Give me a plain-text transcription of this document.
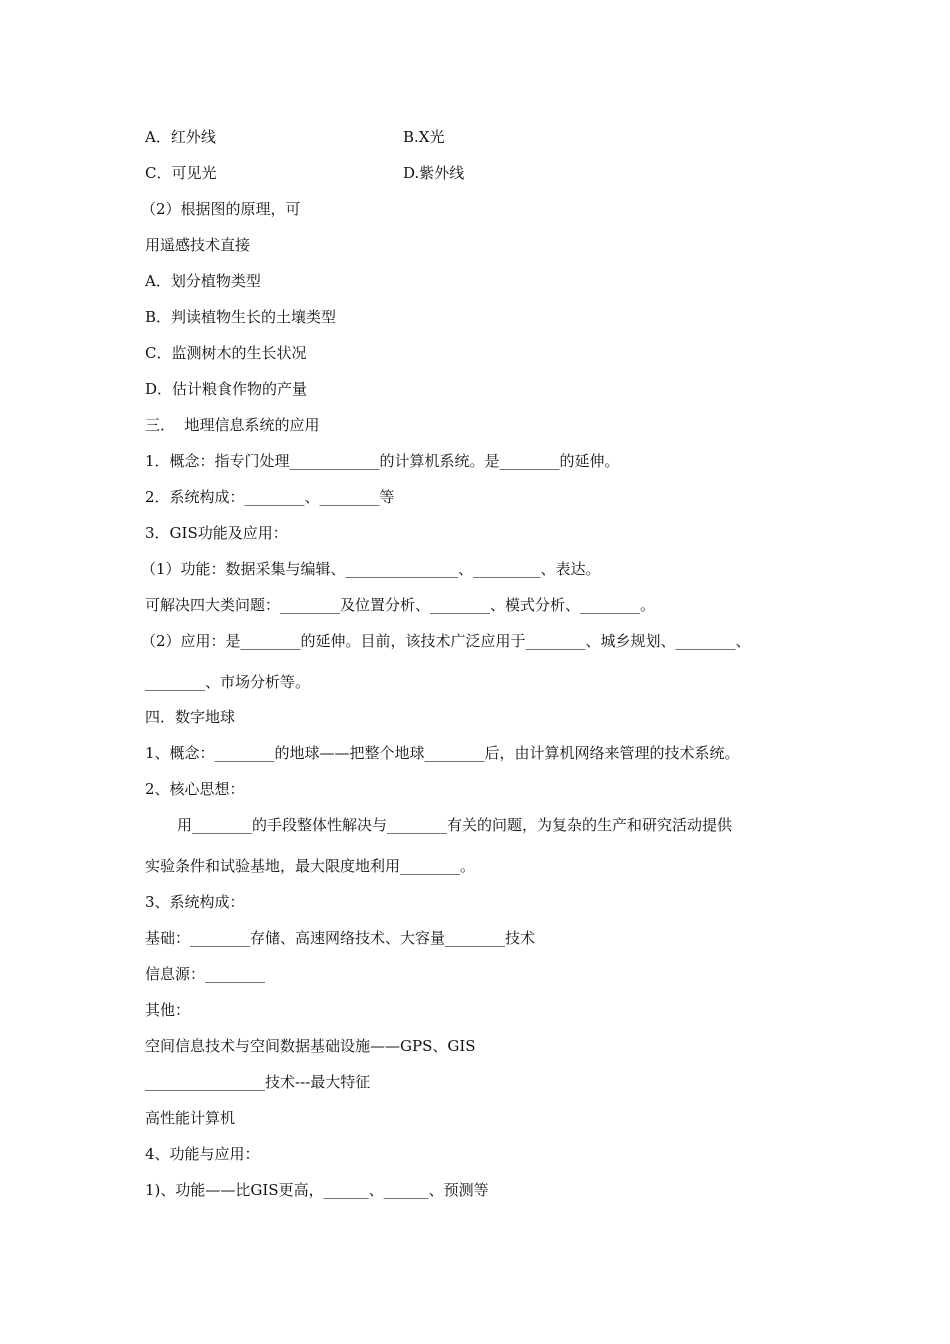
A．红外线	B.X光
C．可见光	D.紫外线
（2）根据图的原理，可
用遥感技术直接
A．划分植物类型
B．判读植物生长的土壤类型
C．监测树木的生长状况
D．估计粮食作物的产量
三．  地理信息系统的应用
1．概念：指专门处理____________的计算机系统。是________的延伸。
2．系统构成：________、________等
3．GIS功能及应用：
（1）功能：数据采集与编辑、_______________、_________、表达。
可解决四大类问题：________及位置分析、________、模式分析、________。
（2）应用：是________的延伸。目前，该技术广泛应用于________、城乡规划、________、
________、市场分析等。
四．数字地球
1、概念：________的地球——把整个地球________后，由计算机网络来管理的技术系统。
2、核心思想：
用________的手段整体性解决与________有关的问题，为复杂的生产和研究活动提供
实验条件和试验基地，最大限度地利用________。
3、系统构成：
基础：________存储、高速网络技术、大容量________技术
信息源：________
其他：
空间信息技术与空间数据基础设施——GPS、GIS
________________技术---最大特征
高性能计算机
4、功能与应用：
1)、功能——比GIS更高，______、______、预测等
